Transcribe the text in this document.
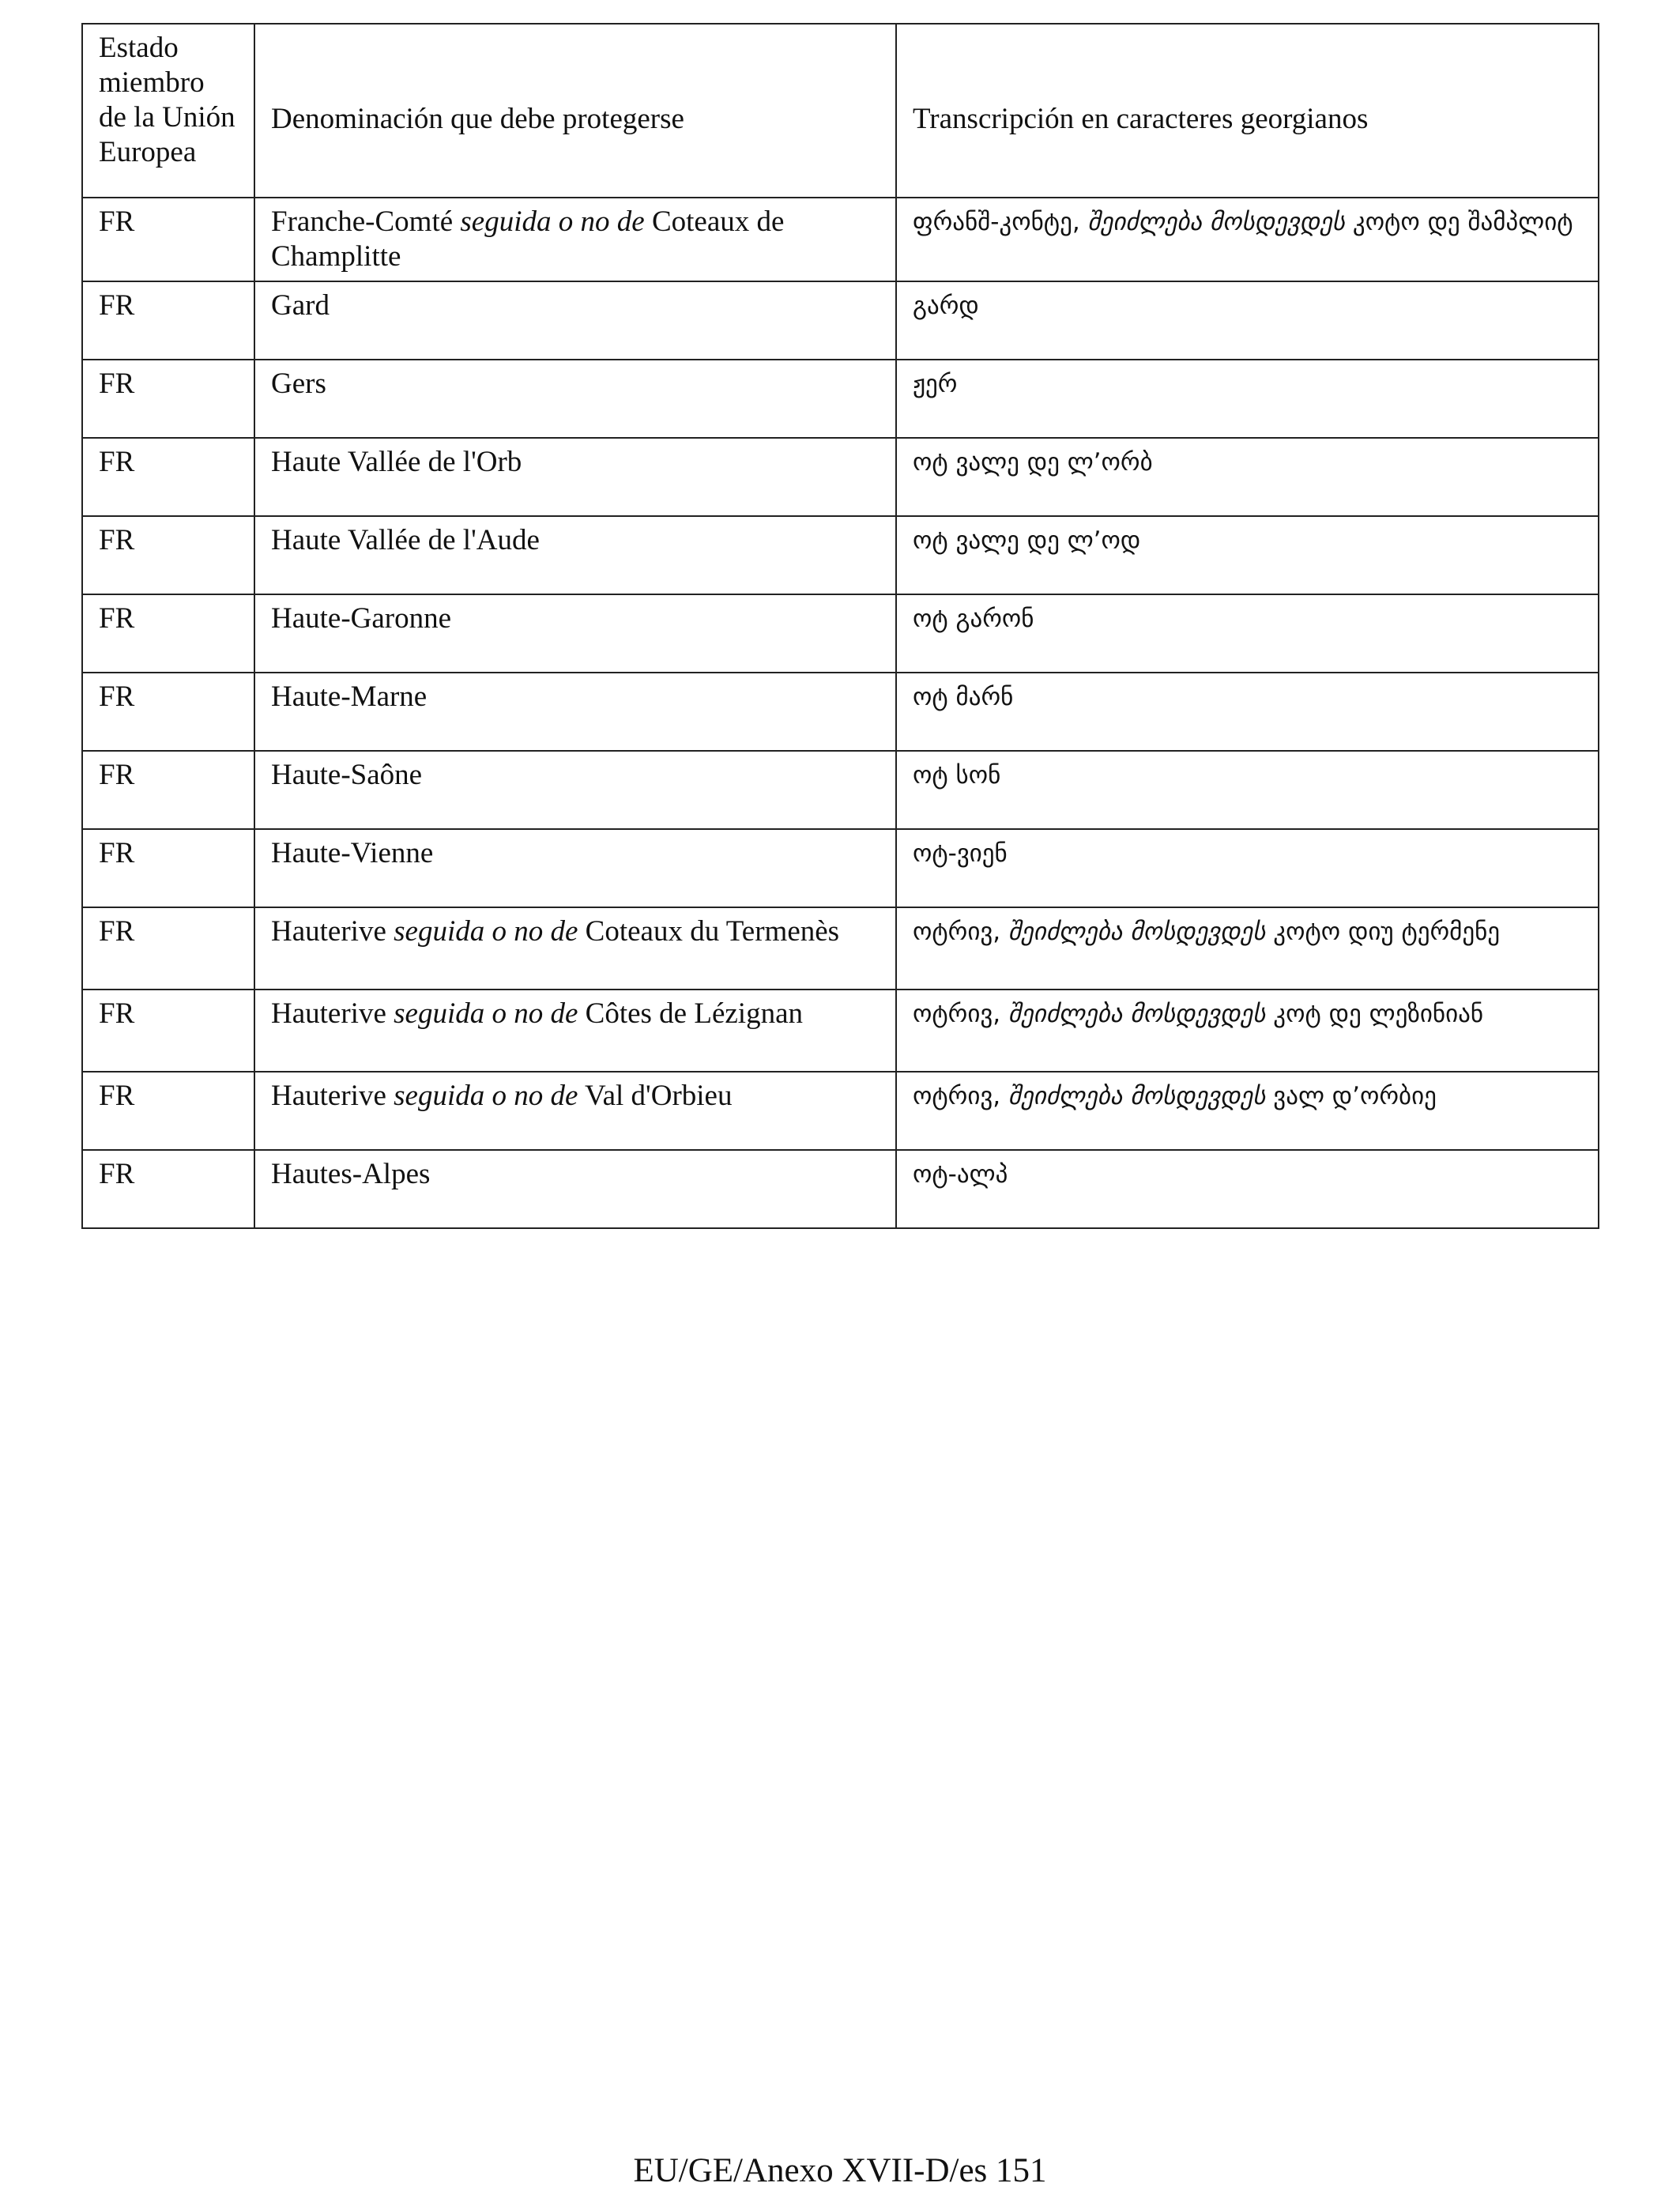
Estado miembro de la Unión Europea	Denominación que debe protegerse	Transcripción en caracteres georgianos
FR	Franche-Comté seguida o no de Coteaux de Champlitte	ფრანშ-კონტე, შეიძლება მოსდევდეს კოტო დე შამპლიტ
FR	Gard	გარდ
FR	Gers	ჟერ
FR	Haute Vallée de l'Orb	ოტ ვალე დე ლ’ორბ
FR	Haute Vallée de l'Aude	ოტ ვალე დე ლ’ოდ
FR	Haute-Garonne	ოტ გარონ
FR	Haute-Marne	ოტ მარნ
FR	Haute-Saône	ოტ სონ
FR	Haute-Vienne	ოტ-ვიენ
FR	Hauterive seguida o no de Coteaux du Termenès	ოტრივ, შეიძლება მოსდევდეს კოტო დიუ ტერმენე
FR	Hauterive seguida o no de Côtes de Lézignan	ოტრივ, შეიძლება მოსდევდეს კოტ დე ლეზინიან
FR	Hauterive seguida o no de Val d'Orbieu	ოტრივ, შეიძლება მოსდევდეს ვალ დ’ორბიე
FR	Hautes-Alpes	ოტ-ალპ
EU/GE/Anexo XVII-D/es 151
